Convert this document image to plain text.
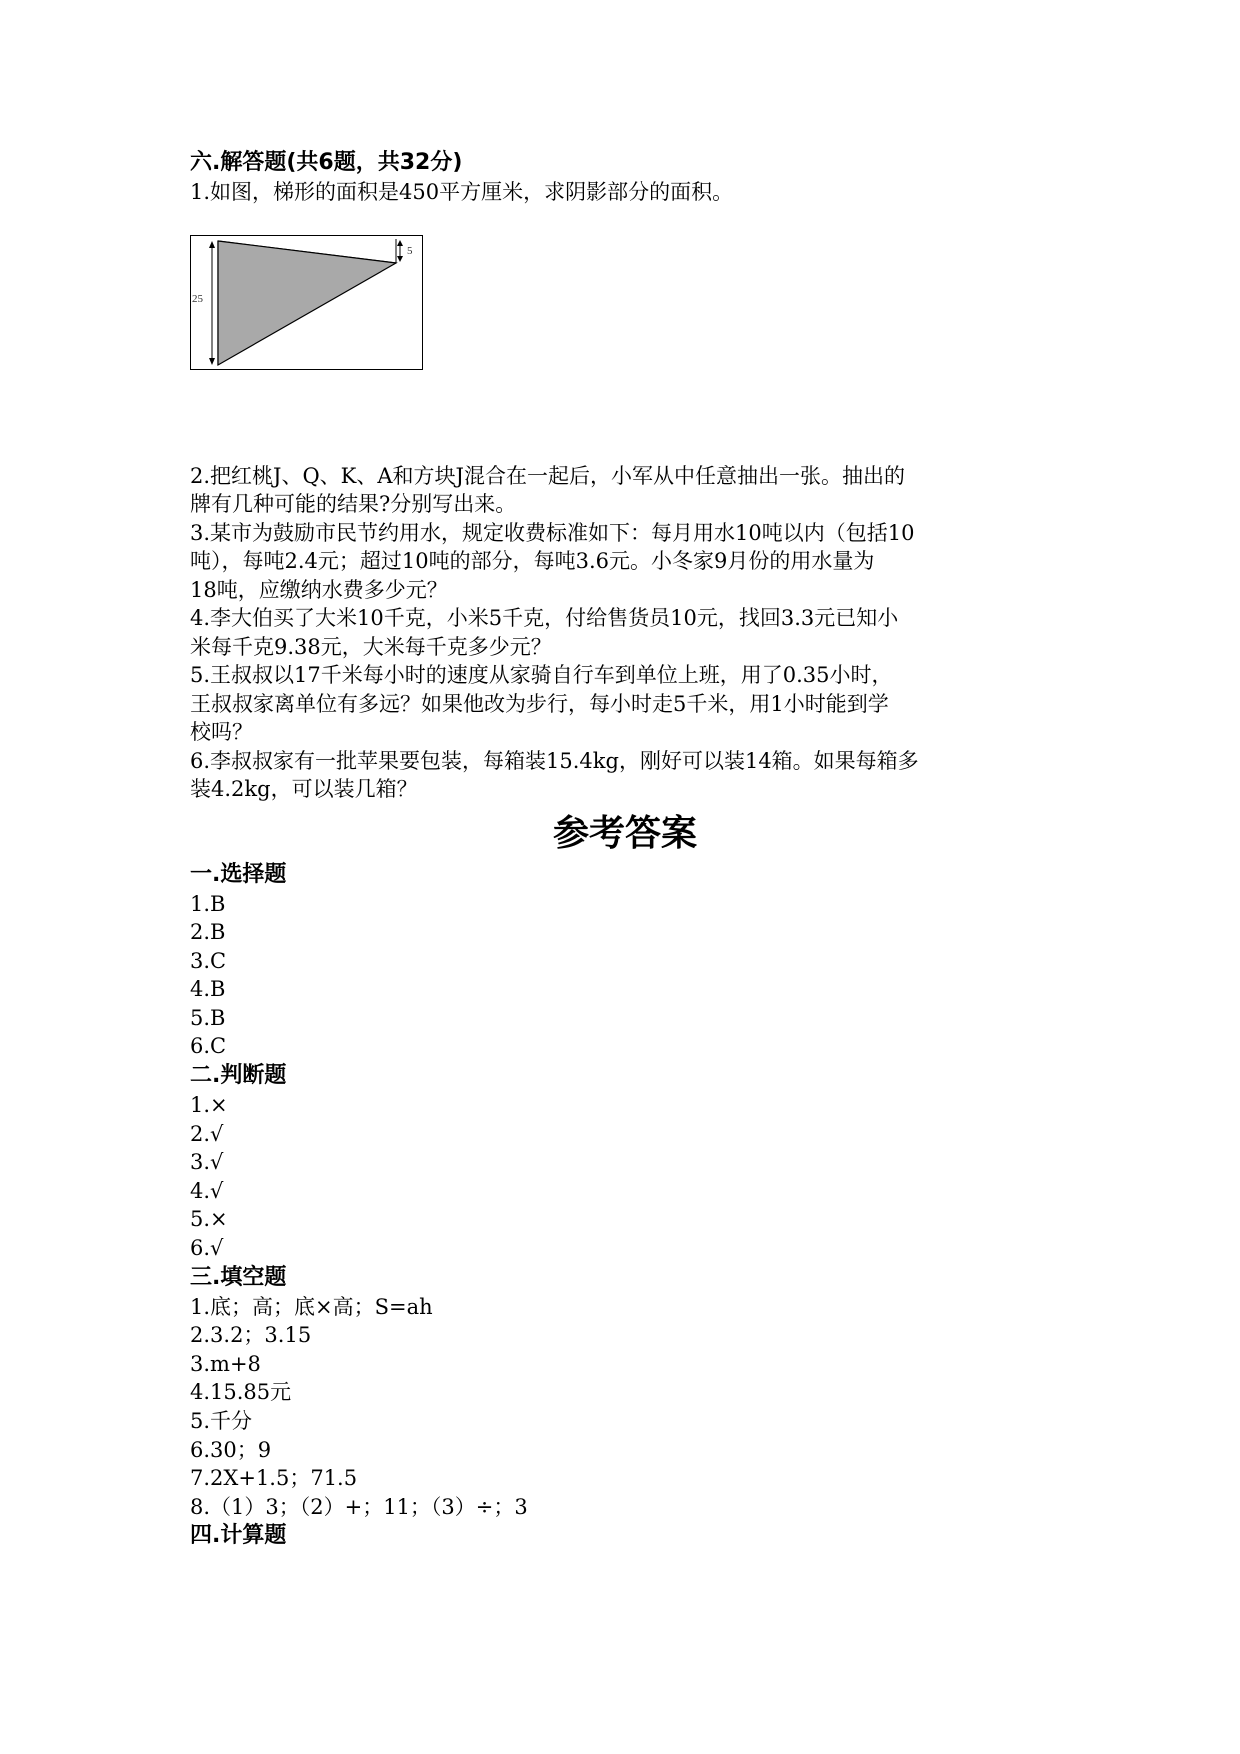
六.解答题(共6题，共32分)

1.如图，梯形的面积是450平方厘米，求阴影部分的面积。

25
5

2.把红桃J、Q、K、A和方块J混合在一起后，小军从中任意抽出一张。抽出的

牌有几种可能的结果?分别写出来。

3.某市为鼓励市民节约用水，规定收费标准如下：每月用水10吨以内（包括10

吨），每吨2.4元；超过10吨的部分，每吨3.6元。小冬家9月份的用水量为

18吨，应缴纳水费多少元？

4.李大伯买了大米10千克，小米5千克，付给售货员10元，找回3.3元已知小

米每千克9.38元，大米每千克多少元？

5.王叔叔以17千米每小时的速度从家骑自行车到单位上班，用了0.35小时，

王叔叔家离单位有多远？如果他改为步行，每小时走5千米，用1小时能到学

校吗？

6.李叔叔家有一批苹果要包装，每箱装15.4kg，刚好可以装14箱。如果每箱多

装4.2kg，可以装几箱？

参考答案

一.选择题

1.B

2.B

3.C

4.B

5.B

6.C

二.判断题

1.×

2.√

3.√

4.√

5.×

6.√

三.填空题

1.底；高；底×高；S=ah

2.3.2；3.15

3.m+8

4.15.85元

5.千分

6.30；9

7.2X+1.5；71.5

8.（1）3；（2）+；11；（3）÷；3

四.计算题
